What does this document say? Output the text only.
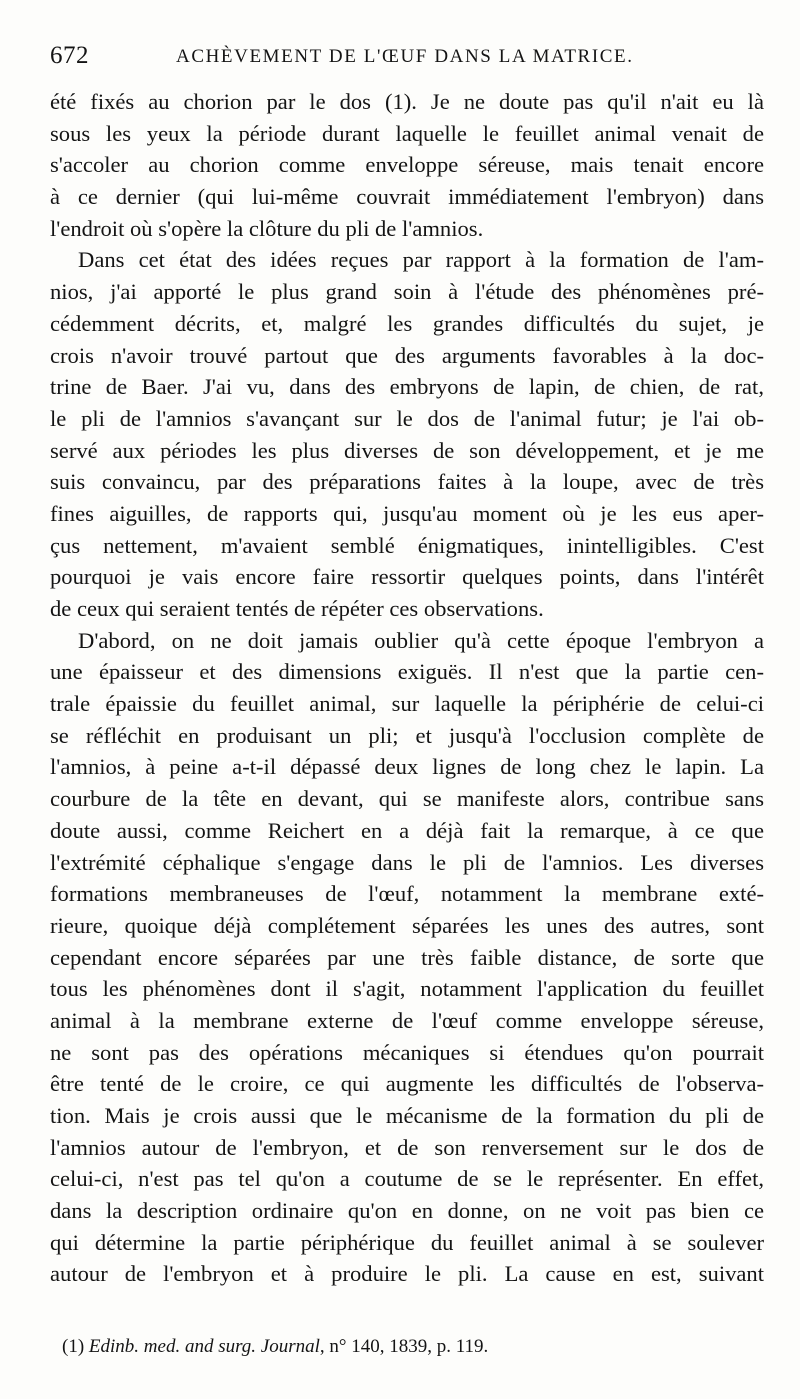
672	ACHÈVEMENT DE L'ŒUF DANS LA MATRICE.
été fixés au chorion par le dos (1). Je ne doute pas qu'il n'ait eu là
sous les yeux la période durant laquelle le feuillet animal venait de
s'accoler au chorion comme enveloppe séreuse, mais tenait encore
à ce dernier (qui lui-même couvrait immédiatement l'embryon) dans
l'endroit où s'opère la clôture du pli de l'amnios.
Dans cet état des idées reçues par rapport à la formation de l'am-
nios, j'ai apporté le plus grand soin à l'étude des phénomènes pré-
cédemment décrits, et, malgré les grandes difficultés du sujet, je
crois n'avoir trouvé partout que des arguments favorables à la doc-
trine de Baer. J'ai vu, dans des embryons de lapin, de chien, de rat,
le pli de l'amnios s'avançant sur le dos de l'animal futur; je l'ai ob-
servé aux périodes les plus diverses de son développement, et je me
suis convaincu, par des préparations faites à la loupe, avec de très
fines aiguilles, de rapports qui, jusqu'au moment où je les eus aper-
çus nettement, m'avaient semblé énigmatiques, inintelligibles. C'est
pourquoi je vais encore faire ressortir quelques points, dans l'intérêt
de ceux qui seraient tentés de répéter ces observations.
D'abord, on ne doit jamais oublier qu'à cette époque l'embryon a
une épaisseur et des dimensions exiguës. Il n'est que la partie cen-
trale épaissie du feuillet animal, sur laquelle la périphérie de celui-ci
se réfléchit en produisant un pli; et jusqu'à l'occlusion complète de
l'amnios, à peine a-t-il dépassé deux lignes de long chez le lapin. La
courbure de la tête en devant, qui se manifeste alors, contribue sans
doute aussi, comme Reichert en a déjà fait la remarque, à ce que
l'extrémité céphalique s'engage dans le pli de l'amnios. Les diverses
formations membraneuses de l'œuf, notamment la membrane exté-
rieure, quoique déjà complétement séparées les unes des autres, sont
cependant encore séparées par une très faible distance, de sorte que
tous les phénomènes dont il s'agit, notamment l'application du feuillet
animal à la membrane externe de l'œuf comme enveloppe séreuse,
ne sont pas des opérations mécaniques si étendues qu'on pourrait
être tenté de le croire, ce qui augmente les difficultés de l'observa-
tion. Mais je crois aussi que le mécanisme de la formation du pli de
l'amnios autour de l'embryon, et de son renversement sur le dos de
celui-ci, n'est pas tel qu'on a coutume de se le représenter. En effet,
dans la description ordinaire qu'on en donne, on ne voit pas bien ce
qui détermine la partie périphérique du feuillet animal à se soulever
autour de l'embryon et à produire le pli. La cause en est, suivant
(1) Edinb. med. and surg. Journal, n° 140, 1839, p. 119.
